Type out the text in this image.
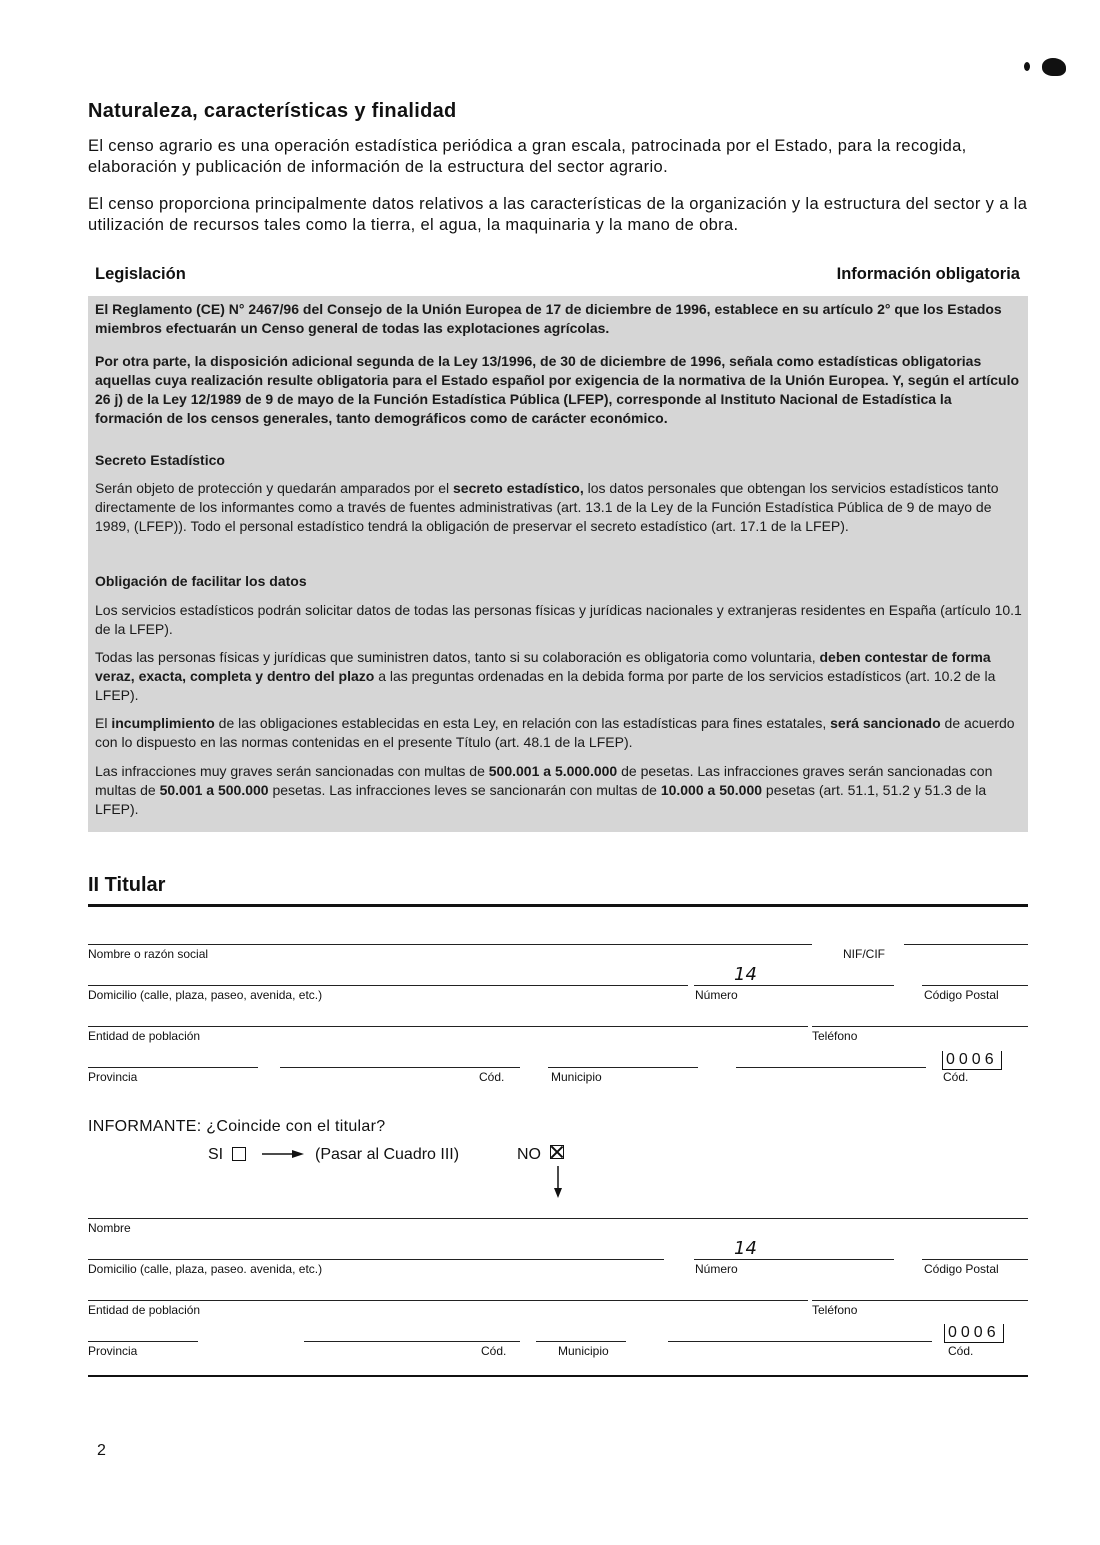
Naturaleza, características y finalidad

El censo agrario es una operación estadística periódica a gran escala, patrocinada por el Estado, para la recogida, elaboración y publicación de información de la estructura del sector agrario.

El censo proporciona principalmente datos relativos a las características de la organización y la estructura del sector y a la utilización de recursos tales como la tierra, el agua, la maquinaria y la mano de obra.

Legislación	Información obligatoria

El Reglamento (CE) N° 2467/96 del Consejo de la Unión Europea de 17 de diciembre de 1996, establece en su artículo 2° que los Estados miembros efectuarán un Censo general de todas las explotaciones agrícolas.

Por otra parte, la disposición adicional segunda de la Ley 13/1996, de 30 de diciembre de 1996, señala como estadísticas obligatorias aquellas cuya realización resulte obligatoria para el Estado español por exigencia de la normativa de la Unión Europea. Y, según el artículo 26 j) de la Ley 12/1989 de 9 de mayo de la Función Estadística Pública (LFEP), corresponde al Instituto Nacional de Estadística la formación de los censos generales, tanto demográficos como de carácter económico.

Secreto Estadístico

Serán objeto de protección y quedarán amparados por el secreto estadístico, los datos personales que obtengan los servicios estadísticos tanto directamente de los informantes como a través de fuentes administrativas (art. 13.1 de la Ley de la Función Estadística Pública de 9 de mayo de 1989, (LFEP)). Todo el personal estadístico tendrá la obligación de preservar el secreto estadístico (art. 17.1 de la LFEP).

Obligación de facilitar los datos

Los servicios estadísticos podrán solicitar datos de todas las personas físicas y jurídicas nacionales y extranjeras residentes en España (artículo 10.1 de la LFEP).

Todas las personas físicas y jurídicas que suministren datos, tanto si su colaboración es obligatoria como voluntaria, deben contestar de forma veraz, exacta, completa y dentro del plazo a las preguntas ordenadas en la debida forma por parte de los servicios estadísticos (art. 10.2 de la LFEP).

El incumplimiento de las obligaciones establecidas en esta Ley, en relación con las estadísticas para fines estatales, será sancionado de acuerdo con lo dispuesto en las normas contenidas en el presente Título (art. 48.1 de la LFEP).

Las infracciones muy graves serán sancionadas con multas de 500.001 a 5.000.000 de pesetas. Las infracciones graves serán sancionadas con multas de 50.001 a 500.000 pesetas. Las infracciones leves se sancionarán con multas de 10.000 a 50.000 pesetas (art. 51.1, 51.2 y 51.3 de la LFEP).

II Titular
Nombre o razón social	NIF/CIF
Domicilio (calle, plaza, paseo, avenida, etc.)
14
Número	Código Postal
Entidad de población	Teléfono
Provincia	Cód.	Municipio
0006
Cód.
INFORMANTE: ¿Coincide con el titular?
SI	(Pasar al Cuadro III)	NO
Nombre
Domicilio (calle, plaza, paseo. avenida, etc.)
14
Número	Código Postal
Entidad de población	Teléfono
Provincia	Cód.	Municipio
0006
Cód.
2
